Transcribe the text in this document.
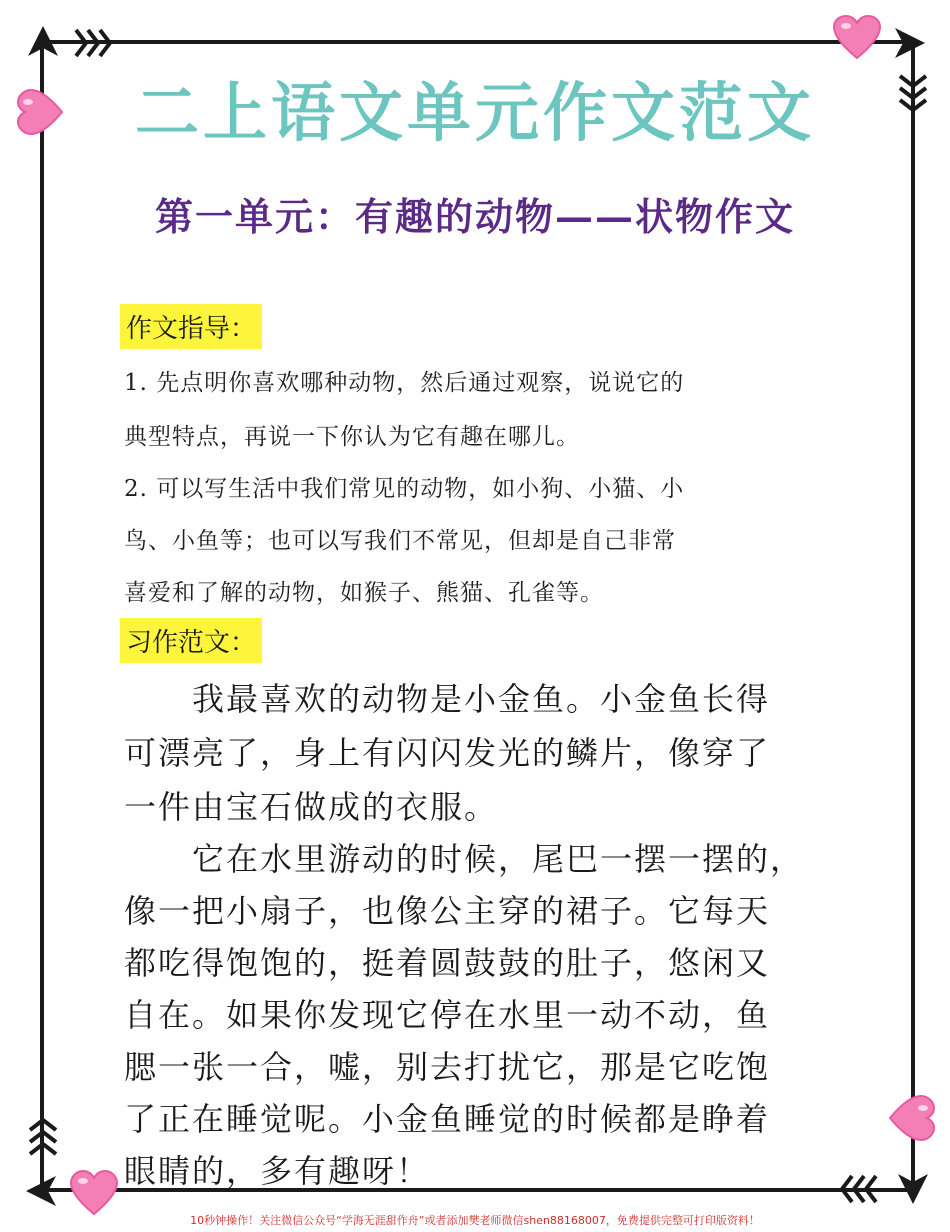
二上语文单元作文范文
第一单元：有趣的动物——状物作文
作文指导：
1. 先点明你喜欢哪种动物，然后通过观察，说说它的
典型特点，再说一下你认为它有趣在哪儿。
2. 可以写生活中我们常见的动物，如小狗、小猫、小
鸟、小鱼等；也可以写我们不常见，但却是自己非常
喜爱和了解的动物，如猴子、熊猫、孔雀等。
习作范文：
　　我最喜欢的动物是小金鱼。小金鱼长得
可漂亮了，身上有闪闪发光的鳞片，像穿了
一件由宝石做成的衣服。
　　它在水里游动的时候，尾巴一摆一摆的，
像一把小扇子，也像公主穿的裙子。它每天
都吃得饱饱的，挺着圆鼓鼓的肚子，悠闲又
自在。如果你发现它停在水里一动不动，鱼
腮一张一合，嘘，别去打扰它，那是它吃饱
了正在睡觉呢。小金鱼睡觉的时候都是睁着
眼睛的，多有趣呀！
10秒钟操作！关注微信公众号“学海无涯甜作舟”或者添加樊老师微信shen88168007，免费提供完整可打印版资料！
